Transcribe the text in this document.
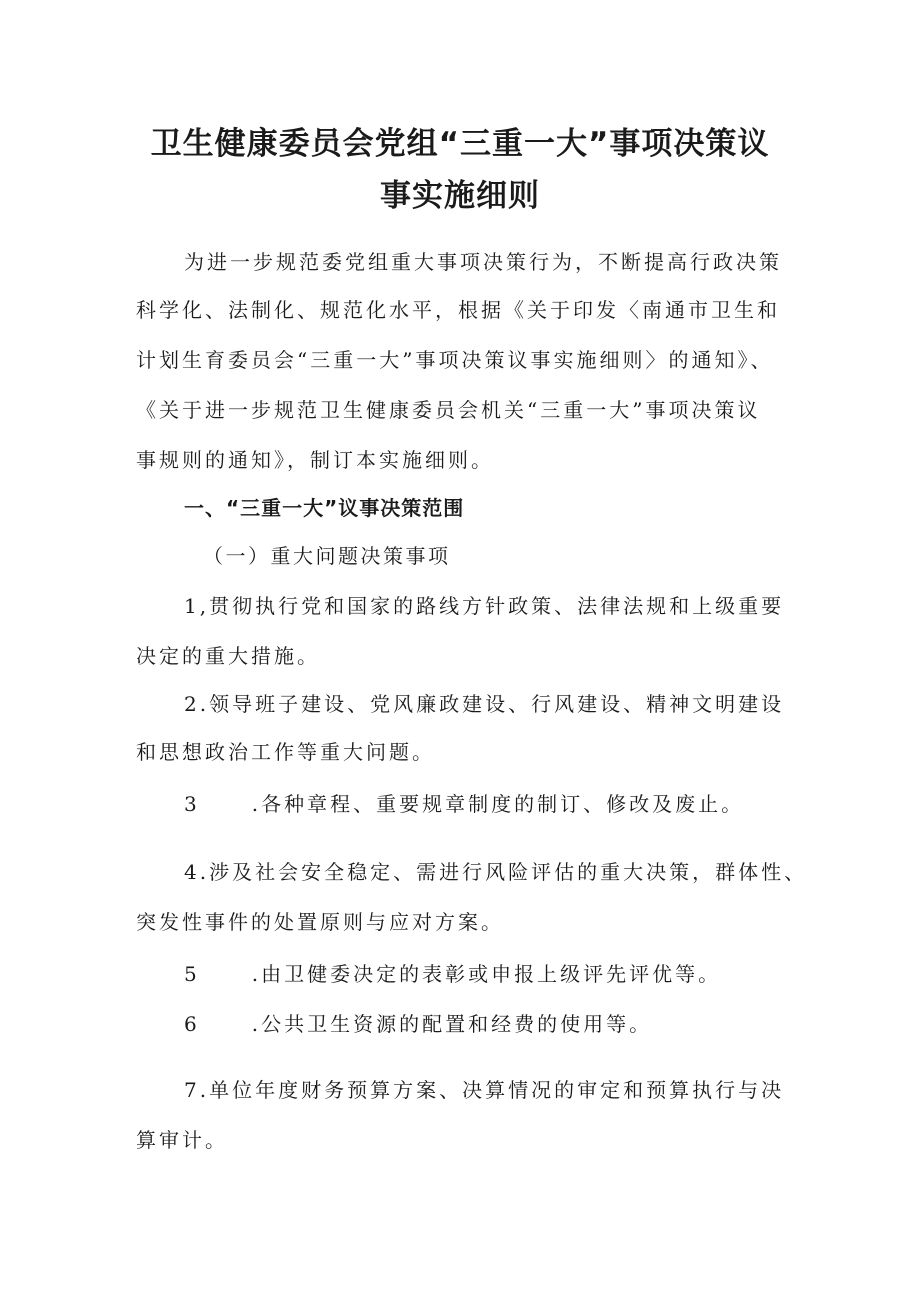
卫生健康委员会党组“三重一大”事项决策议
事实施细则

为进一步规范委党组重大事项决策行为，不断提高行政决策

科学化、法制化、规范化水平，根据《关于印发〈南通市卫生和

计划生育委员会“三重一大”事项决策议事实施细则〉的通知》、

《关于进一步规范卫生健康委员会机关“三重一大”事项决策议

事规则的通知》，制订本实施细则。

一、“三重一大”议事决策范围

（一）重大问题决策事项

1,贯彻执行党和国家的路线方针政策、法律法规和上级重要

决定的重大措施。

2.领导班子建设、党风廉政建设、行风建设、精神文明建设

和思想政治工作等重大问题。

3	.各种章程、重要规章制度的制订、修改及废止。

4.涉及社会安全稳定、需进行风险评估的重大决策，群体性、

突发性事件的处置原则与应对方案。

5	.由卫健委决定的表彰或申报上级评先评优等。

6	.公共卫生资源的配置和经费的使用等。

7.单位年度财务预算方案、决算情况的审定和预算执行与决

算审计。
